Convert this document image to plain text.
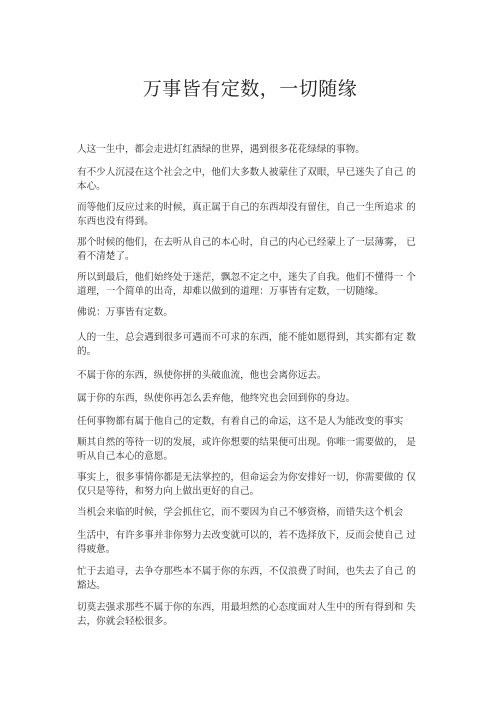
万事皆有定数，一切随缘

人这一生中，都会走进灯红酒绿的世界，遇到很多花花绿绿的事物。

有不少人沉浸在这个社会之中，他们大多数人被蒙住了双眼，早已迷失了自己 的本心。

而等他们反应过来的时候，真正属于自己的东西却没有留住，自己一生所追求 的东西也没有得到。

那个时候的他们，在去听从自己的本心时，自己的内心已经蒙上了一层薄雾， 已看不清楚了。

所以到最后，他们始终处于迷茫，飘忽不定之中，迷失了自我。他们不懂得一 个道理，一个简单的出奇，却难以做到的道理：万事皆有定数，一切随缘。

佛说：万事皆有定数。

人的一生，总会遇到很多可遇而不可求的东西，能不能如愿得到，其实都有定 数的。

不属于你的东西，纵使你拼的头破血流，他也会离你远去。

属于你的东西，纵使你再怎么丢弃他，他终究也会回到你的身边。

任何事物都有属于他自己的定数，有着自己的命运，这不是人为能改变的事实

顺其自然的等待一切的发展，或许你想要的结果便可出现。你唯一需要做的， 是听从自己本心的意愿。

事实上，很多事情你都是无法掌控的，但命运会为你安排好一切，你需要做的 仅仅只是等待，和努力向上做出更好的自己。

当机会来临的时候，学会抓住它，而不要因为自己不够资格，而错失这个机会

生活中，有许多事并非你努力去改变就可以的，若不选择放下，反而会使自己 过得疲惫。

忙于去追寻，去争夺那些本不属于你的东西，不仅浪费了时间，也失去了自己 的豁达。

切莫去强求那些不属于你的东西，用最坦然的心态度面对人生中的所有得到和 失去，你就会轻松很多。
